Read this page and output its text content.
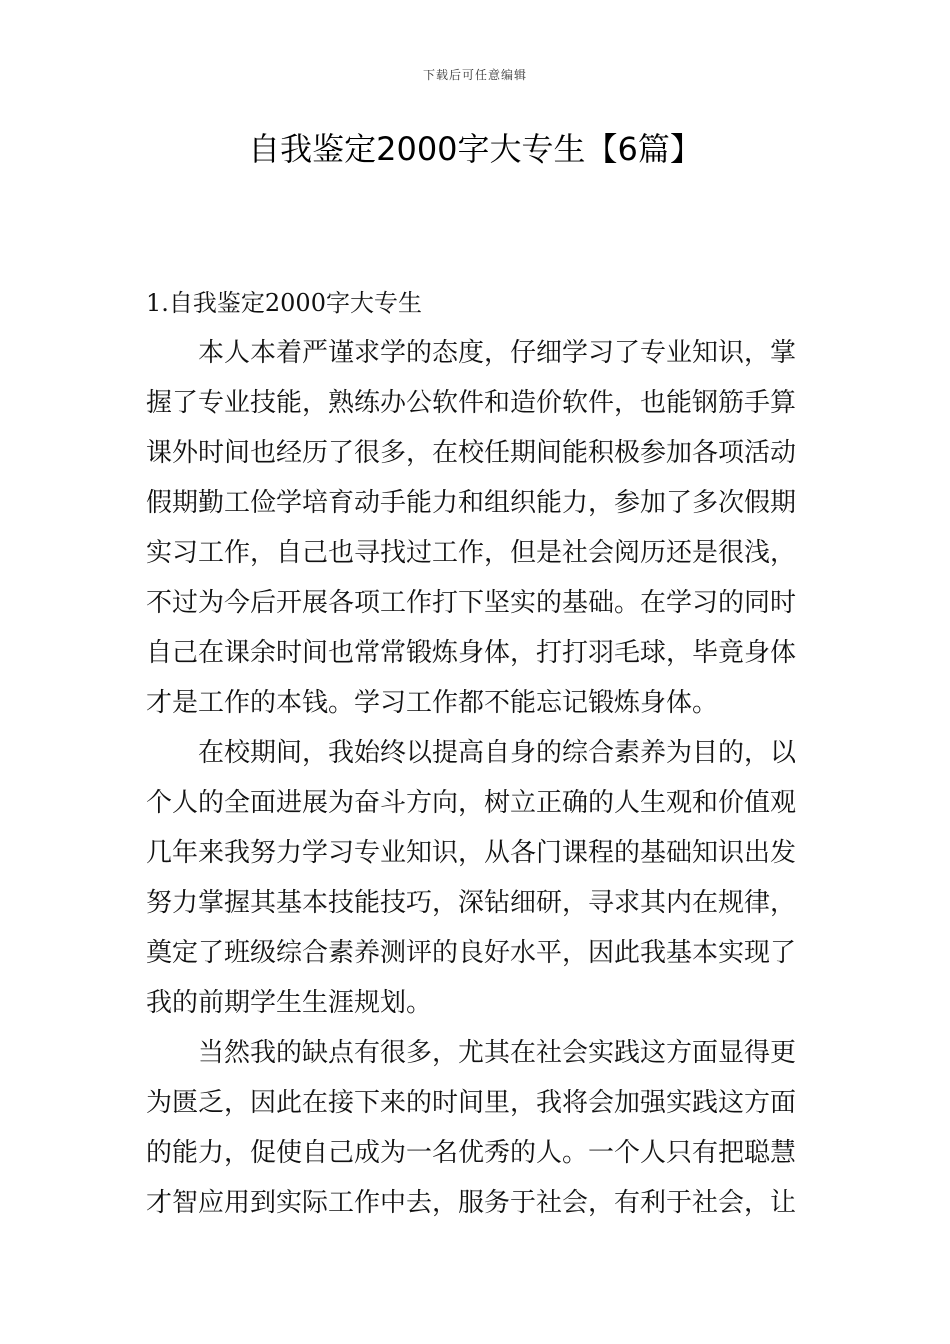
下载后可任意编辑
自我鉴定2000字大专生【6篇】
1.自我鉴定2000字大专生
本人本着严谨求学的态度，仔细学习了专业知识，掌
握了专业技能，熟练办公软件和造价软件，也能钢筋手算
课外时间也经历了很多，在校任期间能积极参加各项活动
假期勤工俭学培育动手能力和组织能力，参加了多次假期
实习工作，自己也寻找过工作，但是社会阅历还是很浅，
不过为今后开展各项工作打下坚实的基础。在学习的同时
自己在课余时间也常常锻炼身体，打打羽毛球，毕竟身体
才是工作的本钱。学习工作都不能忘记锻炼身体。
在校期间，我始终以提高自身的综合素养为目的，以
个人的全面进展为奋斗方向，树立正确的人生观和价值观
几年来我努力学习专业知识，从各门课程的基础知识出发
努力掌握其基本技能技巧，深钻细研，寻求其内在规律，
奠定了班级综合素养测评的良好水平，因此我基本实现了
我的前期学生生涯规划。
当然我的缺点有很多，尤其在社会实践这方面显得更
为匮乏，因此在接下来的时间里，我将会加强实践这方面
的能力，促使自己成为一名优秀的人。一个人只有把聪慧
才智应用到实际工作中去，服务于社会，有利于社会，让
